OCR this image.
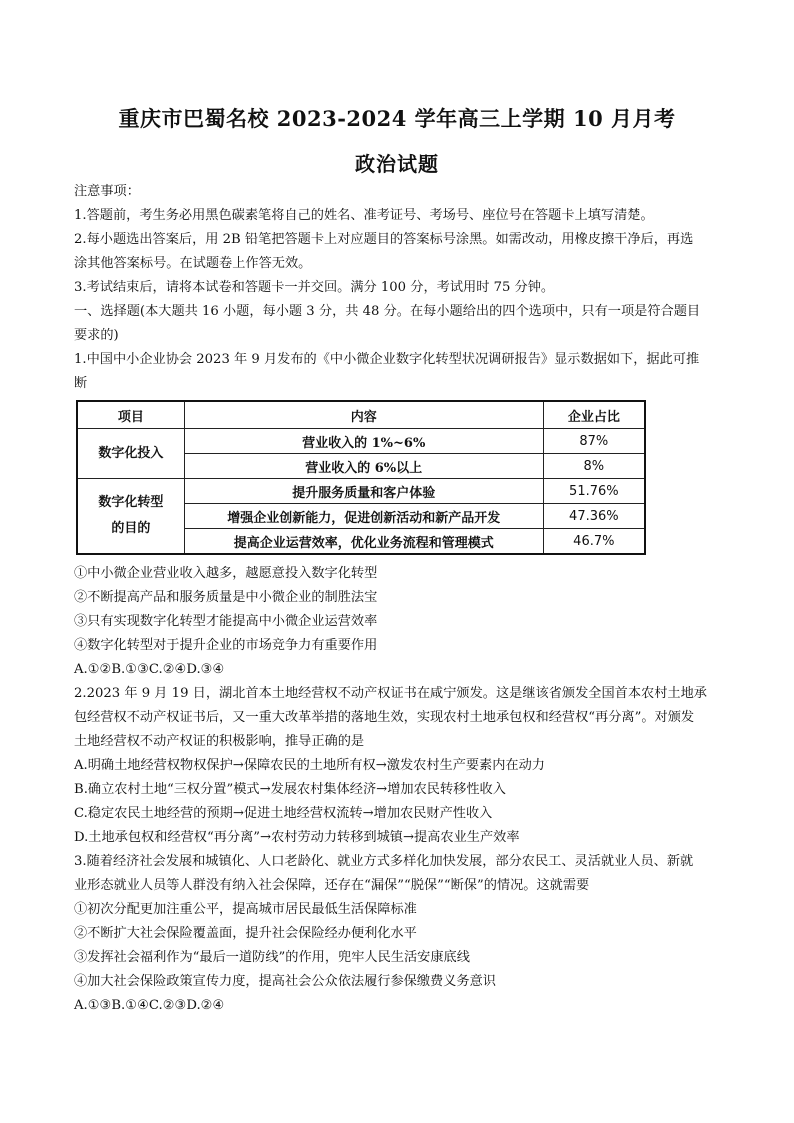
重庆市巴蜀名校 2023-2024 学年高三上学期 10 月月考
政治试题
注意事项：
1.答题前，考生务必用黑色碳素笔将自己的姓名、准考证号、考场号、座位号在答题卡上填写清楚。
2.每小题选出答案后，用 2B 铅笔把答题卡上对应题目的答案标号涂黑。如需改动，用橡皮擦干净后，再选
涂其他答案标号。在试题卷上作答无效。
3.考试结束后，请将本试卷和答题卡一并交回。满分 100 分，考试用时 75 分钟。
一、选择题(本大题共 16 小题，每小题 3 分，共 48 分。在每小题给出的四个选项中，只有一项是符合题目
要求的)
1.中国中小企业协会 2023 年 9 月发布的《中小微企业数字化转型状况调研报告》显示数据如下，据此可推
断
项目	内容	企业占比
数字化投入	营业收入的 1%~6%	87%
	营业收入的 6%以上	8%

数字化转型
的目的	提升服务质量和客户体验	51.76%
	增强企业创新能力，促进创新活动和新产品开发	47.36%
	提高企业运营效率，优化业务流程和管理模式	46.7%
①中小微企业营业收入越多，越愿意投入数字化转型
②不断提高产品和服务质量是中小微企业的制胜法宝
③只有实现数字化转型才能提高中小微企业运营效率
④数字化转型对于提升企业的市场竞争力有重要作用
A.①②B.①③C.②④D.③④
2.2023 年 9 月 19 日，湖北首本土地经营权不动产权证书在咸宁颁发。这是继该省颁发全国首本农村土地承
包经营权不动产权证书后，又一重大改革举措的落地生效，实现农村土地承包权和经营权“再分离”。对颁发
土地经营权不动产权证的积极影响，推导正确的是
A.明确土地经营权物权保护→保障农民的土地所有权→激发农村生产要素内在动力
B.确立农村土地“三权分置”模式→发展农村集体经济→增加农民转移性收入
C.稳定农民土地经营的预期→促进土地经营权流转→增加农民财产性收入
D.土地承包权和经营权“再分离”→农村劳动力转移到城镇→提高农业生产效率
3.随着经济社会发展和城镇化、人口老龄化、就业方式多样化加快发展，部分农民工、灵活就业人员、新就
业形态就业人员等人群没有纳入社会保障，还存在“漏保”“脱保”“断保”的情况。这就需要
①初次分配更加注重公平，提高城市居民最低生活保障标准
②不断扩大社会保险覆盖面，提升社会保险经办便利化水平
③发挥社会福利作为“最后一道防线”的作用，兜牢人民生活安康底线
④加大社会保险政策宣传力度，提高社会公众依法履行参保缴费义务意识
A.①③B.①④C.②③D.②④
